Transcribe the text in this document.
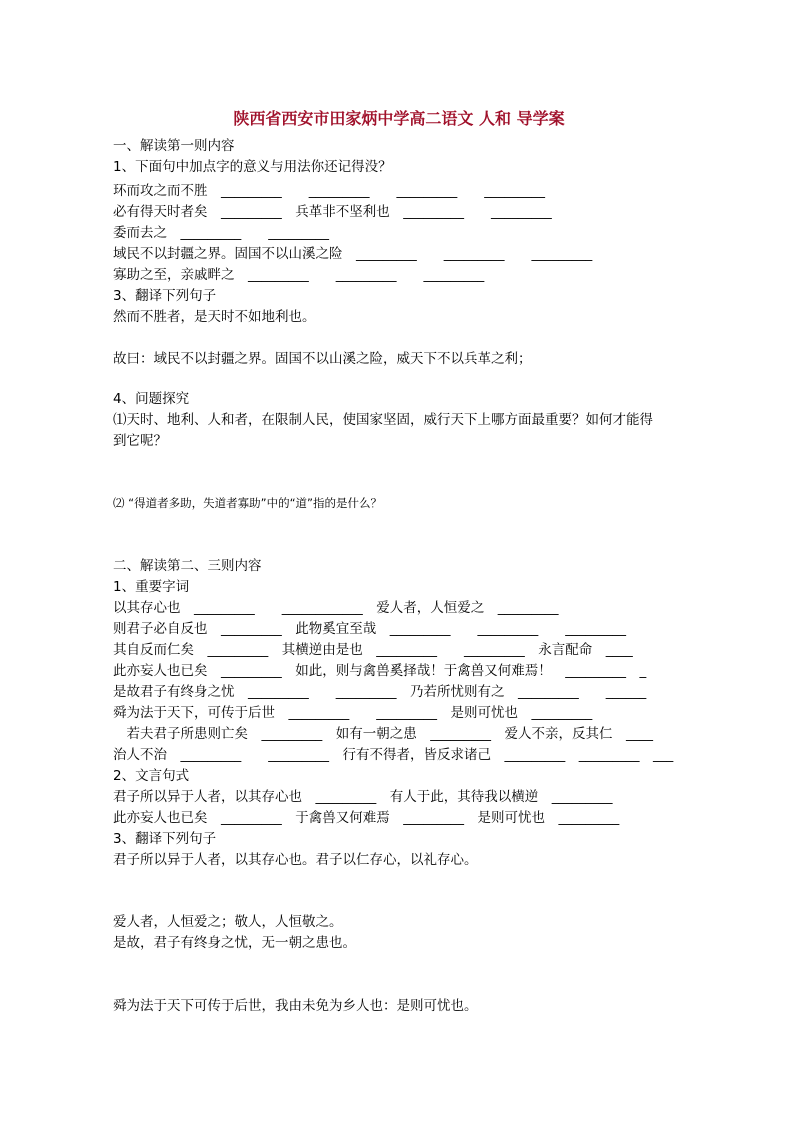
陕西省西安市田家炳中学高二语文 人和 导学案
一、解读第一则内容
1、下面句中加点字的意义与用法你还记得没？
环而攻之而不胜　_________　　_________　　_________　　_________
必有得天时者矣　_________　兵革非不坚利也　_________　　_________
委而去之　_________　　_________
域民不以封疆之界。固国不以山溪之险　_________　　_________　　_________
寡助之至，亲戚畔之　_________　　_________　　_________
3、翻译下列句子
然而不胜者，是天时不如地利也。
故曰：域民不以封疆之界。固国不以山溪之险，威天下不以兵革之利；
4、问题探究
⑴天时、地利、人和者，在限制人民，使国家坚固，威行天下上哪方面最重要？如何才能得
到它呢？
⑵ “得道者多助，失道者寡助”中的“道”指的是什么？
二、解读第二、三则内容
1、重要字词
以其存心也　_________　　____________　爱人者，人恒爱之　_________
则君子必自反也　_________　此物奚宜至哉　_________　　_________　　_________
其自反而仁矣　_________　其横逆由是也　_________　　_________　永言配命　____
此亦妄人也已矣　_________　如此，则与禽兽奚择哉！于禽兽又何难焉！　_________　_
是故君子有终身之忧　_________　　_________　乃若所忧则有之　_________　　______
舜为法于天下，可传于后世　_________　　_________　是则可忧也　_________
　若夫君子所患则亡矣　_________　如有一朝之患　_________　爱人不亲，反其仁　____
治人不治　_________　　_________　行有不得者，皆反求诸己　_________　_________　___
2、文言句式
君子所以异于人者，以其存心也　_________　有人于此，其待我以横逆　_________
此亦妄人也已矣　_________　于禽兽又何难焉　_________　是则可忧也　_________
3、翻译下列句子
君子所以异于人者，以其存心也。君子以仁存心，以礼存心。
爱人者，人恒爱之；敬人，人恒敬之。
是故，君子有终身之忧，无一朝之患也。
舜为法于天下可传于后世，我由未免为乡人也：是则可忧也。
